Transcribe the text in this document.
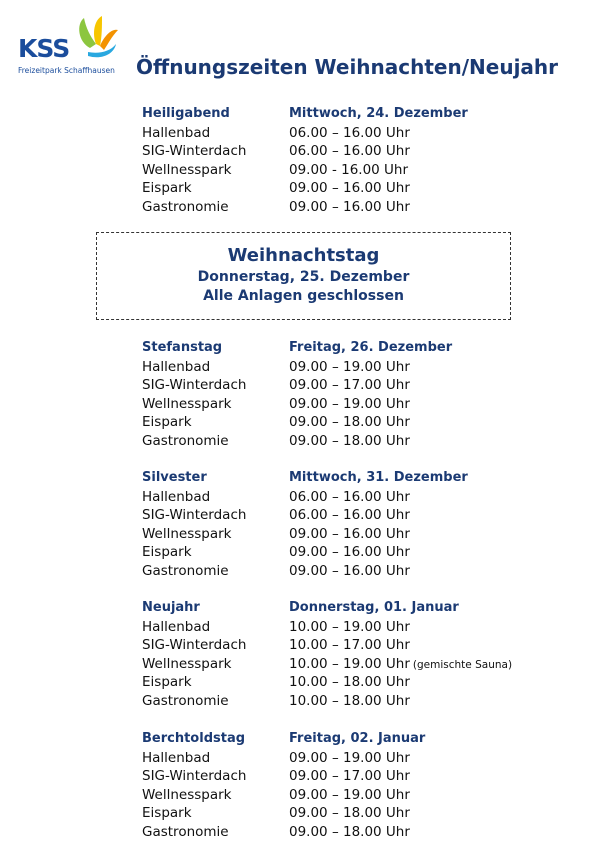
KSS
Freizeitpark Schaffhausen Öffnungszeiten Weihnachten/Neujahr
Heiligabend	Mittwoch, 24. Dezember
Hallenbad	06.00 – 16.00 Uhr
SIG-Winterdach	06.00 – 16.00 Uhr
Wellnesspark	09.00 - 16.00 Uhr
Eispark	09.00 – 16.00 Uhr
Gastronomie	09.00 – 16.00 Uhr
Weihnachtstag
Donnerstag, 25. Dezember
Alle Anlagen geschlossen
Stefanstag	Freitag, 26. Dezember
Hallenbad	09.00 – 19.00 Uhr
SIG-Winterdach	09.00 – 17.00 Uhr
Wellnesspark	09.00 – 19.00 Uhr
Eispark	09.00 – 18.00 Uhr
Gastronomie	09.00 – 18.00 Uhr
Silvester	Mittwoch, 31. Dezember
Hallenbad	06.00 – 16.00 Uhr
SIG-Winterdach	06.00 – 16.00 Uhr
Wellnesspark	09.00 – 16.00 Uhr
Eispark	09.00 – 16.00 Uhr
Gastronomie	09.00 – 16.00 Uhr
Neujahr	Donnerstag, 01. Januar
Hallenbad	10.00 – 19.00 Uhr
SIG-Winterdach	10.00 – 17.00 Uhr
Wellnesspark	10.00 – 19.00 Uhr (gemischte Sauna)
Eispark	10.00 – 18.00 Uhr
Gastronomie	10.00 – 18.00 Uhr
Berchtoldstag	Freitag, 02. Januar
Hallenbad	09.00 – 19.00 Uhr
SIG-Winterdach	09.00 – 17.00 Uhr
Wellnesspark	09.00 – 19.00 Uhr
Eispark	09.00 – 18.00 Uhr
Gastronomie	09.00 – 18.00 Uhr
